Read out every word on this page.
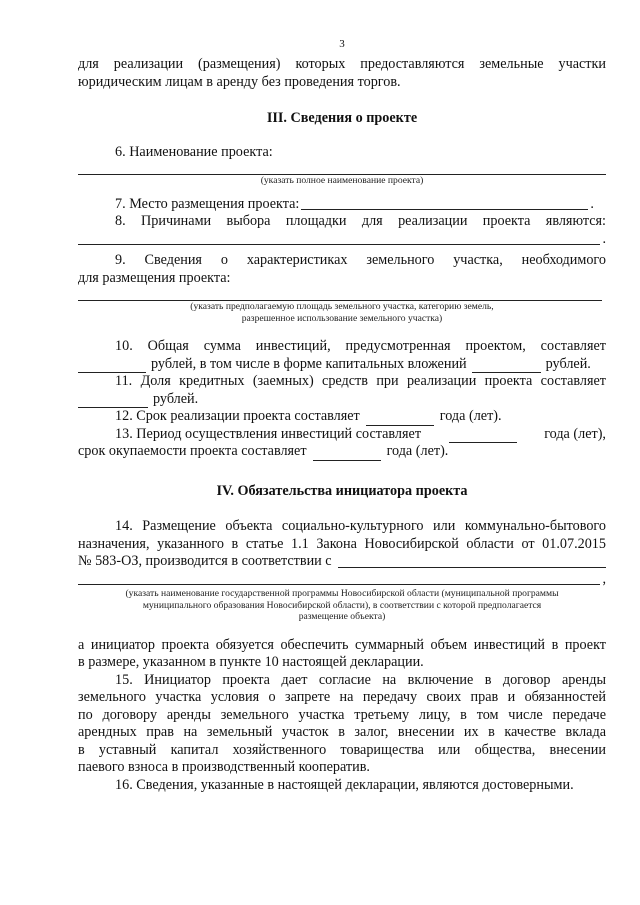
3

для реализации (размещения) которых предоставляются земельные участки

юридическим лицам в аренду без проведения торгов.

III. Сведения о проекте

6. Наименование проекта:

(указать полное наименование проекта)
7. Место размещения проекта:	.

8. Причинами выбора площадки для реализации проекта являются:

.

9. Сведения о характеристиках земельного участка, необходимого

для размещения проекта:

(указать предполагаемую площадь земельного участка, категорию земель,
разрешенное использование земельного участка)

10. Общая сумма инвестиций, предусмотренная проектом, составляет

рублей, в том числе в форме капитальных вложений	рублей.

11. Доля кредитных (заемных) средств при реализации проекта составляет

рублей.
12. Срок реализации проекта составляет	года (лет).
13. Период осуществления инвестиций составляет	года (лет),
срок окупаемости проекта составляет	года (лет).

IV. Обязательства инициатора проекта

14. Размещение объекта социально-культурного или коммунально-бытового

назначения, указанного в статье 1.1 Закона Новосибирской области от 01.07.2015

№ 583-ОЗ, производится в соответствии с
,
(указать наименование государственной программы Новосибирской области (муниципальной программы
муниципального образования Новосибирской области), в соответствии с которой предполагается
размещение объекта)

а инициатор проекта обязуется обеспечить суммарный объем инвестиций в проект

в размере, указанном в пункте 10 настоящей декларации.

15. Инициатор проекта дает согласие на включение в договор аренды

земельного участка условия о запрете на передачу своих прав и обязанностей

по договору аренды земельного участка третьему лицу, в том числе передаче

арендных прав на земельный участок в залог, внесении их в качестве вклада

в уставный капитал хозяйственного товарищества или общества, внесении

паевого взноса в производственный кооператив.

16. Сведения, указанные в настоящей декларации, являются достоверными.
